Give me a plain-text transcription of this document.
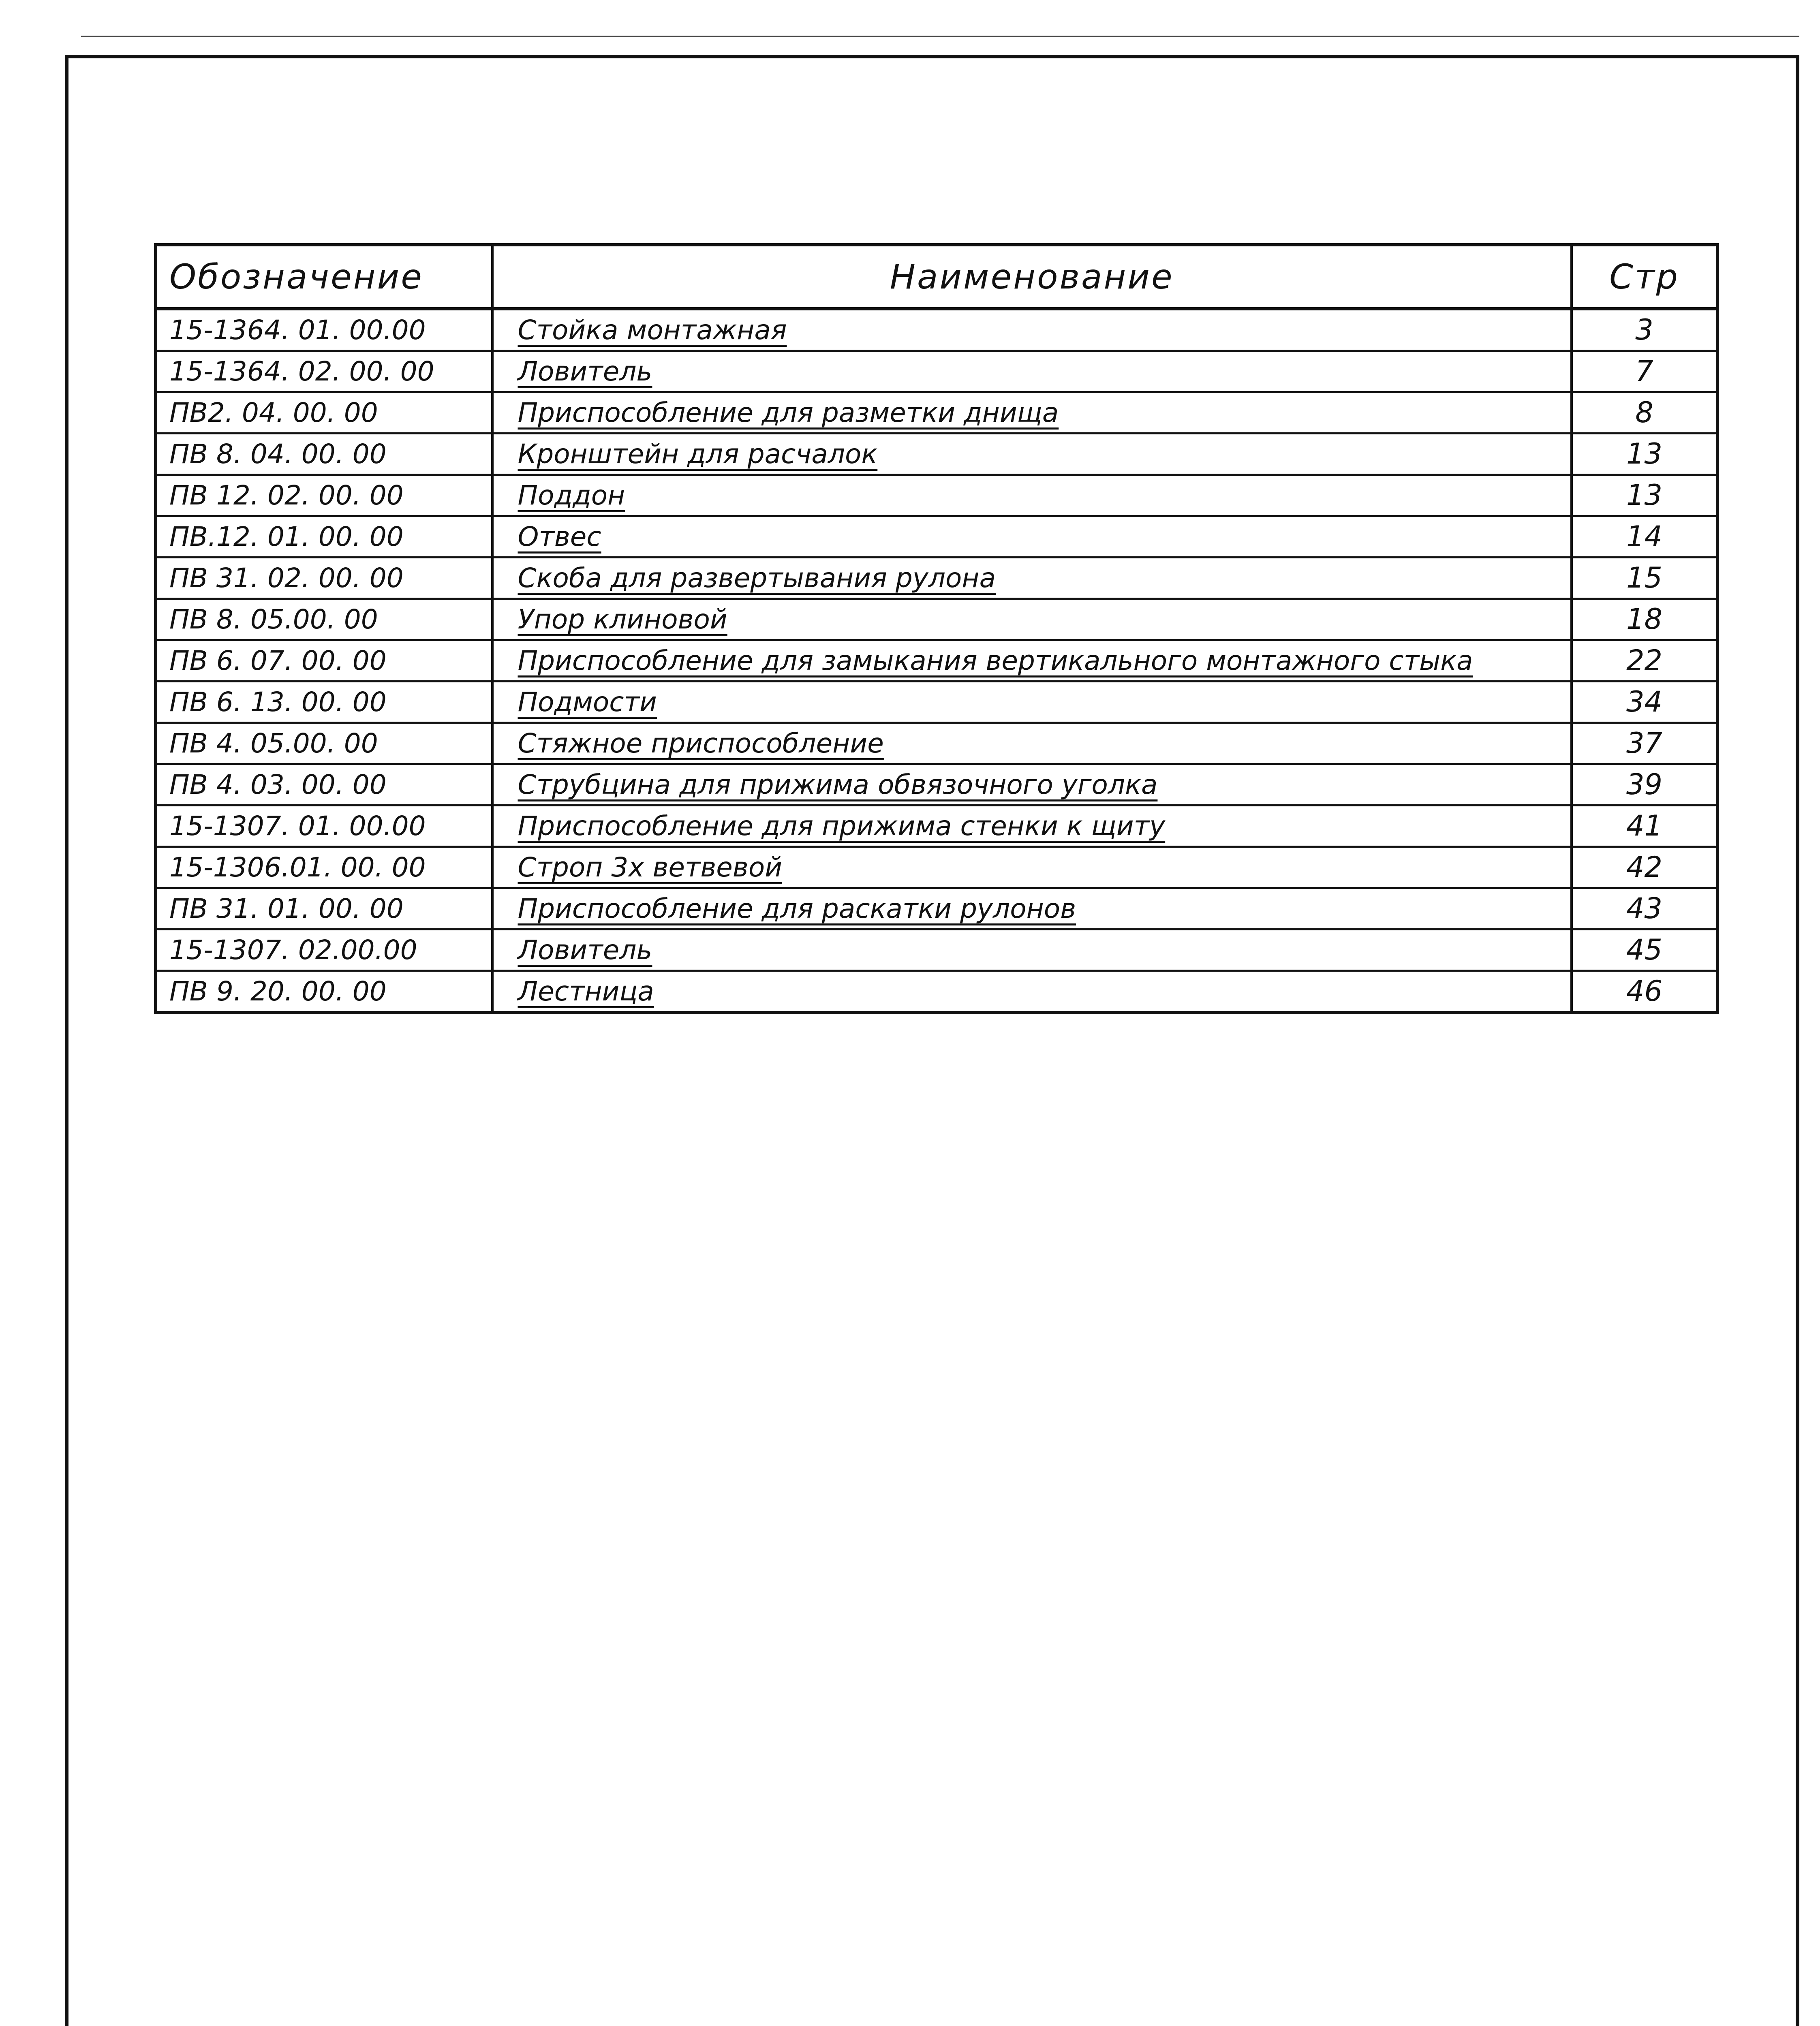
Обозначение	Наименование	Стр
15-1364. 01. 00.00	Стойка монтажная	3
15-1364. 02. 00. 00	Ловитель	7
ПВ2. 04. 00. 00	Приспособление для разметки днища	8
ПВ 8. 04. 00. 00	Кронштейн для расчалок	13
ПВ 12. 02. 00. 00	Поддон	13
ПВ.12. 01. 00. 00	Отвес	14
ПВ 31. 02. 00. 00	Скоба для развертывания рулона	15
ПВ 8. 05.00. 00	Упор клиновой	18
ПВ 6. 07. 00. 00	Приспособление для замыкания вертикального монтажного стыка	22
ПВ 6. 13. 00. 00	Подмости	34
ПВ 4. 05.00. 00	Стяжное приспособление	37
ПВ 4. 03. 00. 00	Струбцина для прижима обвязочного уголка	39
15-1307. 01. 00.00	Приспособление для прижима стенки к щиту	41
15-1306.01. 00. 00	Строп 3х ветвевой	42
ПВ 31. 01. 00. 00	Приспособление для раскатки рулонов	43
15-1307. 02.00.00	Ловитель	45
ПВ 9. 20. 00. 00	Лестница	46
